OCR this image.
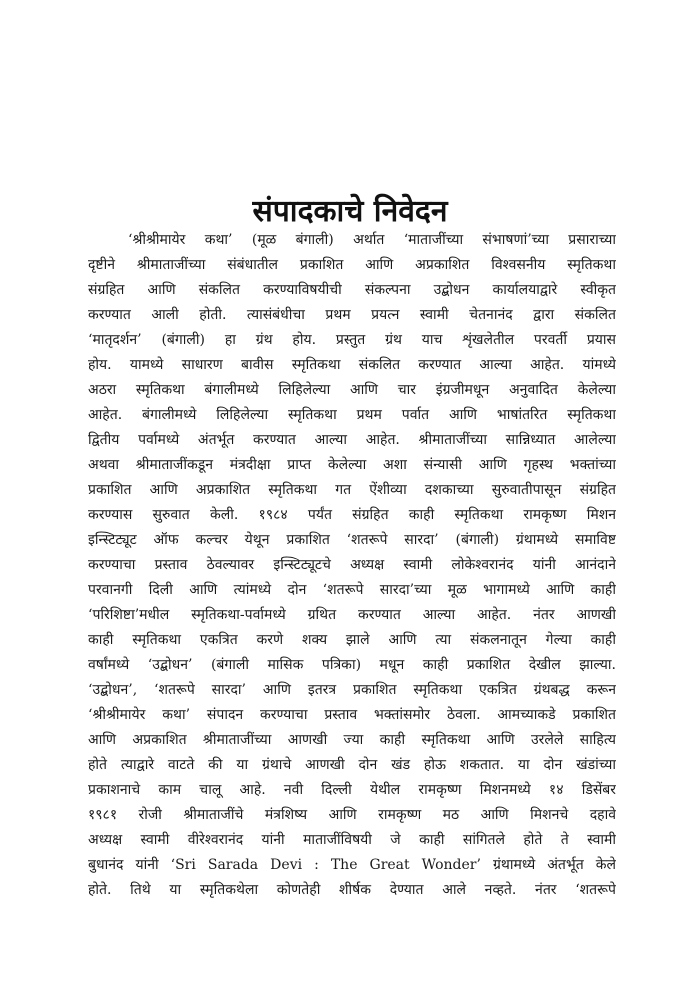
संपादकाचे निवेदन
‘श्रीश्रीमायेर कथा’ (मूळ बंगाली) अर्थात ‘माताजींच्या संभाषणां’च्या प्रसाराच्या
दृष्टीने श्रीमाताजींच्या संबंधातील प्रकाशित आणि अप्रकाशित विश्वसनीय स्मृतिकथा
संग्रहित आणि संकलित करण्याविषयीची संकल्पना उद्बोधन कार्यालयाद्वारे स्वीकृत
करण्यात आली होती. त्यासंबंधीचा प्रथम प्रयत्न स्वामी चेतनानंद द्वारा संकलित
‘मातृदर्शन’ (बंगाली) हा ग्रंथ होय. प्रस्तुत ग्रंथ याच शृंखलेतील परवर्ती प्रयास
होय. यामध्ये साधारण बावीस स्मृतिकथा संकलित करण्यात आल्या आहेत. यांमध्ये
अठरा स्मृतिकथा बंगालीमध्ये लिहिलेल्या आणि चार इंग्रजीमधून अनुवादित केलेल्या
आहेत. बंगालीमध्ये लिहिलेल्या स्मृतिकथा प्रथम पर्वात आणि भाषांतरित स्मृतिकथा
द्वितीय पर्वामध्ये अंतर्भूत करण्यात आल्या आहेत. श्रीमाताजींच्या सान्निध्यात आलेल्या
अथवा श्रीमाताजींकडून मंत्रदीक्षा प्राप्त केलेल्या अशा संन्यासी आणि गृहस्थ भक्तांच्या
प्रकाशित आणि अप्रकाशित स्मृतिकथा गत ऐंशीव्या दशकाच्या सुरुवातीपासून संग्रहित
करण्यास सुरुवात केली. १९८४ पर्यंत संग्रहित काही स्मृतिकथा रामकृष्ण मिशन
इन्स्टिट्यूट ऑफ कल्चर येथून प्रकाशित ‘शतरूपे सारदा’ (बंगाली) ग्रंथामध्ये समाविष्ट
करण्याचा प्रस्ताव ठेवल्यावर इन्स्टिट्यूटचे अध्यक्ष स्वामी लोकेश्वरानंद यांनी आनंदाने
परवानगी दिली आणि त्यांमध्ये दोन ‘शतरूपे सारदा’च्या मूळ भागामध्ये आणि काही
‘परिशिष्टा’मधील स्मृतिकथा-पर्वामध्ये ग्रथित करण्यात आल्या आहेत. नंतर आणखी
काही स्मृतिकथा एकत्रित करणे शक्य झाले आणि त्या संकलनातून गेल्या काही
वर्षांमध्ये ‘उद्बोधन’ (बंगाली मासिक पत्रिका) मधून काही प्रकाशित देखील झाल्या.
‘उद्बोधन’, ‘शतरूपे सारदा’ आणि इतरत्र प्रकाशित स्मृतिकथा एकत्रित ग्रंथबद्ध करून
‘श्रीश्रीमायेर कथा’ संपादन करण्याचा प्रस्ताव भक्तांसमोर ठेवला. आमच्याकडे प्रकाशित
आणि अप्रकाशित श्रीमाताजींच्या आणखी ज्या काही स्मृतिकथा आणि उरलेले साहित्य
होते त्याद्वारे वाटते की या ग्रंथाचे आणखी दोन खंड होऊ शकतात. या दोन खंडांच्या
प्रकाशनाचे काम चालू आहे. नवी दिल्ली येथील रामकृष्ण मिशनमध्ये १४ डिसेंबर
१९८१ रोजी श्रीमाताजींचे मंत्रशिष्य आणि रामकृष्ण मठ आणि मिशनचे दहावे
अध्यक्ष स्वामी वीरेश्वरानंद यांनी माताजींविषयी जे काही सांगितले होते ते स्वामी
बुधानंद यांनी ‘Sri Sarada Devi : The Great Wonder’ ग्रंथामध्ये अंतर्भूत केले
होते. तिथे या स्मृतिकथेला कोणतेही शीर्षक देण्यात आले नव्हते. नंतर ‘शतरूपे
